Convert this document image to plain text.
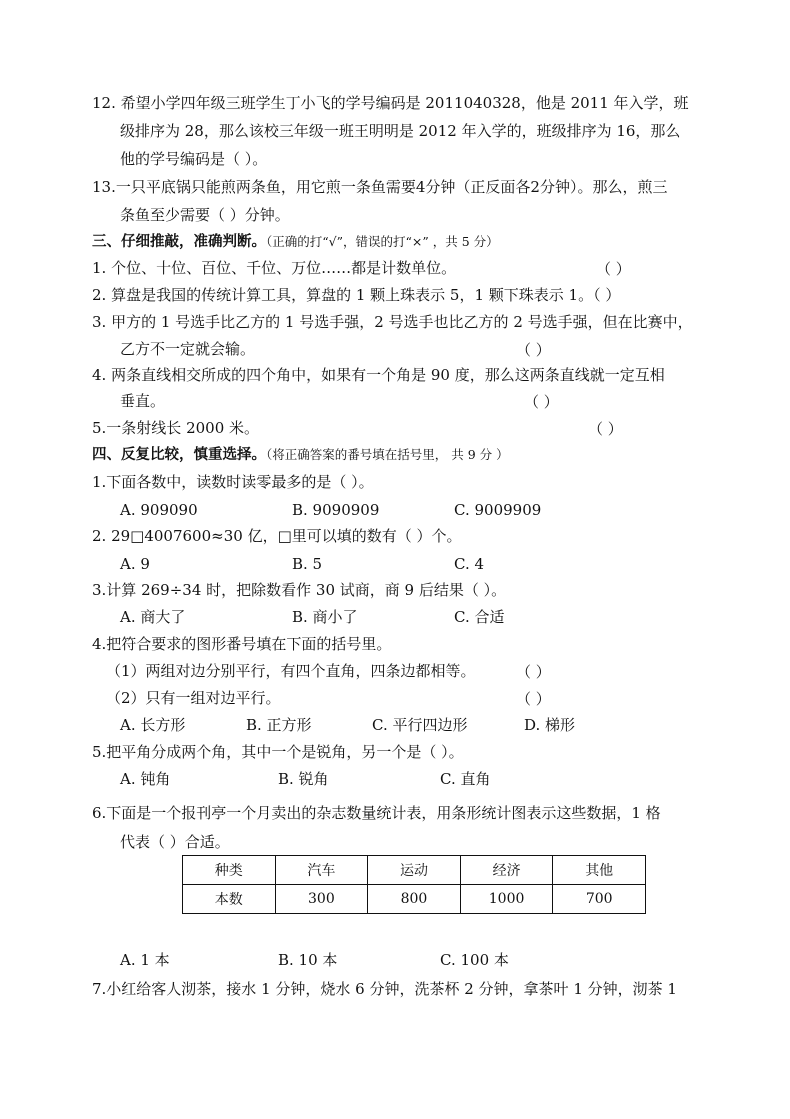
12. 希望小学四年级三班学生丁小飞的学号编码是 2011040328，他是 2011 年入学，班
级排序为 28，那么该校三年级一班王明明是 2012 年入学的，班级排序为 16，那么
他的学号编码是（ ）。
13.一只平底锅只能煎两条鱼，用它煎一条鱼需要4分钟（正反面各2分钟）。那么，煎三
条鱼至少需要（ ）分钟。
三、仔细推敲，准确判断。（正确的打“√”，错误的打“×” ，共 5 分）
1. 个位、十位、百位、千位、万位……都是计数单位。	（ ）
2. 算盘是我国的传统计算工具，算盘的 1 颗上珠表示 5，1 颗下珠表示 1。（ ）
3. 甲方的 1 号选手比乙方的 1 号选手强，2 号选手也比乙方的 2 号选手强，但在比赛中，
乙方不一定就会输。	（ ）
4. 两条直线相交所成的四个角中，如果有一个角是 90 度，那么这两条直线就一定互相
垂直。	（ ）
5.一条射线长 2000 米。	（ ）
四、反复比较，慎重选择。（将正确答案的番号填在括号里， 共 9 分 ）
1.下面各数中，读数时读零最多的是（ ）。
A. 909090	B. 9090909	C. 9009909
2. 29□4007600≈30 亿，□里可以填的数有（ ）个。
A. 9	B. 5	C. 4
3.计算 269÷34 时，把除数看作 30 试商，商 9 后结果（ ）。
A. 商大了	B. 商小了	C. 合适
4.把符合要求的图形番号填在下面的括号里。
（1）两组对边分别平行，有四个直角，四条边都相等。	（ ）
（2）只有一组对边平行。	（ ）
A. 长方形	B. 正方形	C. 平行四边形	D. 梯形
5.把平角分成两个角，其中一个是锐角，另一个是（ ）。
A. 钝角	B. 锐角	C. 直角
6.下面是一个报刊亭一个月卖出的杂志数量统计表，用条形统计图表示这些数据，1 格
代表（ ）合适。
种类	汽车	运动	经济	其他
本数	300	800	1000	700
A. 1 本	B. 10 本	C. 100 本
7.小红给客人沏茶，接水 1 分钟，烧水 6 分钟，洗茶杯 2 分钟，拿茶叶 1 分钟，沏茶 1
